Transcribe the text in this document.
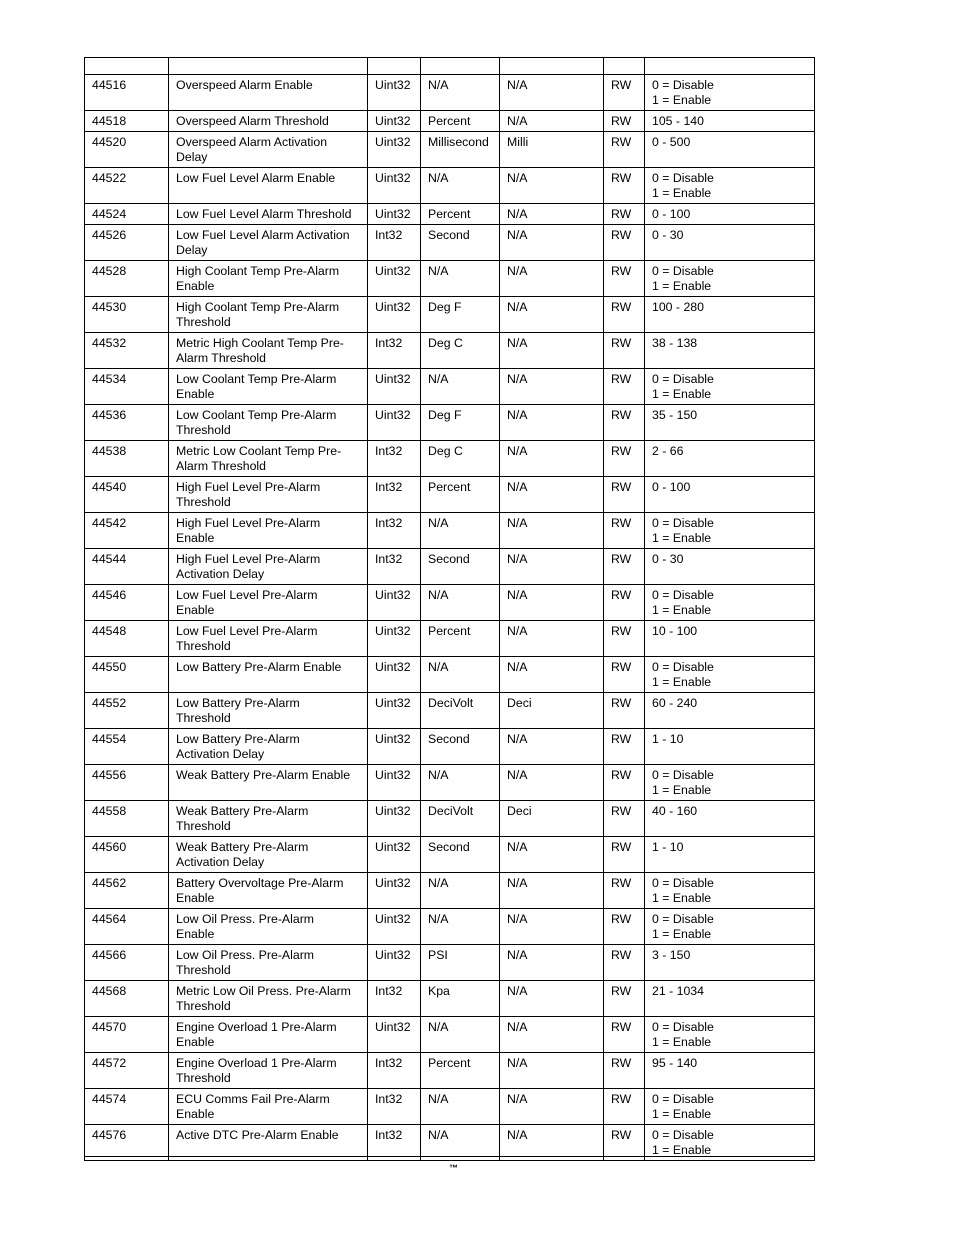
44516	Overspeed Alarm Enable	Uint32	N/A	N/A	RW	0 = Disable
1 = Enable

44518	Overspeed Alarm Threshold	Uint32	Percent	N/A	RW	105 - 140

44520	Overspeed Alarm Activation
Delay	Uint32	Millisecond	Milli	RW	0 - 500

44522	Low Fuel Level Alarm Enable	Uint32	N/A	N/A	RW	0 = Disable
1 = Enable

44524	Low Fuel Level Alarm Threshold	Uint32	Percent	N/A	RW	0 - 100

44526	Low Fuel Level Alarm Activation
Delay	Int32	Second	N/A	RW	0 - 30

44528	High Coolant Temp Pre-Alarm
Enable	Uint32	N/A	N/A	RW	0 = Disable
1 = Enable

44530	High Coolant Temp Pre-Alarm
Threshold	Uint32	Deg F	N/A	RW	100 - 280

44532	Metric High Coolant Temp Pre-
Alarm Threshold	Int32	Deg C	N/A	RW	38 - 138

44534	Low Coolant Temp Pre-Alarm
Enable	Uint32	N/A	N/A	RW	0 = Disable
1 = Enable

44536	Low Coolant Temp Pre-Alarm
Threshold	Uint32	Deg F	N/A	RW	35 - 150

44538	Metric Low Coolant Temp Pre-
Alarm Threshold	Int32	Deg C	N/A	RW	2 - 66

44540	High Fuel Level Pre-Alarm
Threshold	Int32	Percent	N/A	RW	0 - 100

44542	High Fuel Level Pre-Alarm
Enable	Int32	N/A	N/A	RW	0 = Disable
1 = Enable

44544	High Fuel Level Pre-Alarm
Activation Delay	Int32	Second	N/A	RW	0 - 30

44546	Low Fuel Level Pre-Alarm
Enable	Uint32	N/A	N/A	RW	0 = Disable
1 = Enable

44548	Low Fuel Level Pre-Alarm
Threshold	Uint32	Percent	N/A	RW	10 - 100

44550	Low Battery Pre-Alarm Enable	Uint32	N/A	N/A	RW	0 = Disable
1 = Enable

44552	Low Battery Pre-Alarm
Threshold	Uint32	DeciVolt	Deci	RW	60 - 240

44554	Low Battery Pre-Alarm
Activation Delay	Uint32	Second	N/A	RW	1 - 10

44556	Weak Battery Pre-Alarm Enable	Uint32	N/A	N/A	RW	0 = Disable
1 = Enable

44558	Weak Battery Pre-Alarm
Threshold	Uint32	DeciVolt	Deci	RW	40 - 160

44560	Weak Battery Pre-Alarm
Activation Delay	Uint32	Second	N/A	RW	1 - 10

44562	Battery Overvoltage Pre-Alarm
Enable	Uint32	N/A	N/A	RW	0 = Disable
1 = Enable

44564	Low Oil Press. Pre-Alarm
Enable	Uint32	N/A	N/A	RW	0 = Disable
1 = Enable

44566	Low Oil Press. Pre-Alarm
Threshold	Uint32	PSI	N/A	RW	3 - 150

44568	Metric Low Oil Press. Pre-Alarm
Threshold	Int32	Kpa	N/A	RW	21 - 1034

44570	Engine Overload 1 Pre-Alarm
Enable	Uint32	N/A	N/A	RW	0 = Disable
1 = Enable

44572	Engine Overload 1 Pre-Alarm
Threshold	Int32	Percent	N/A	RW	95 - 140

44574	ECU Comms Fail Pre-Alarm
Enable	Int32	N/A	N/A	RW	0 = Disable
1 = Enable

44576	Active DTC Pre-Alarm Enable	Int32	N/A	N/A	RW	0 = Disable
1 = Enable
™
